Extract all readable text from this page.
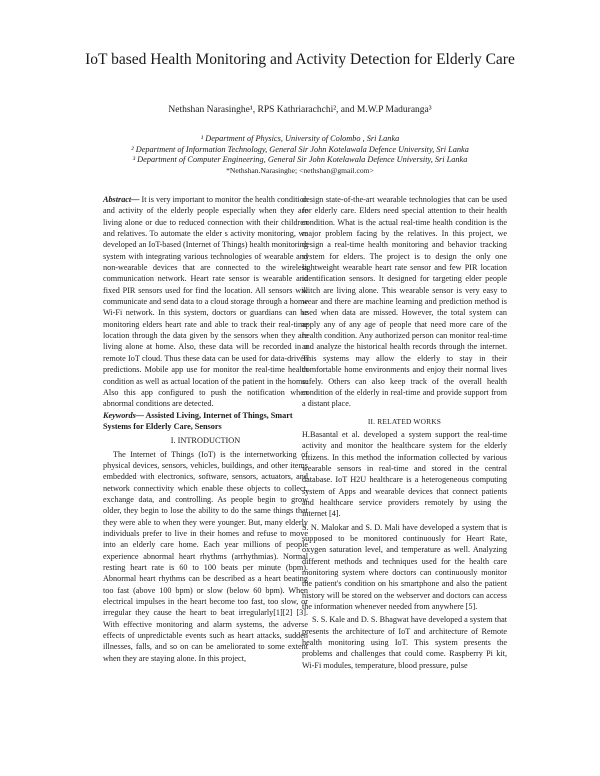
IoT based Health Monitoring and Activity Detection for Elderly Care
Nethshan Narasinghe¹, RPS Kathriarachchi², and M.W.P Maduranga³
¹ Department of Physics, University of Colombo , Sri Lanka
² Department of Information Technology, General Sir John Kotelawala Defence University, Sri Lanka
³ Department of Computer Engineering, General Sir John Kotelawala Defence University, Sri Lanka
*Nethshan.Narasinghe; <nethshan@gmail.com>

Abstract— It is very important to monitor the health condition and activity of the elderly people especially when they are living alone or due to reduced connection with their children and relatives. To automate the elder s activity monitoring, we developed an IoT-based (Internet of Things) health monitoring system with integrating various technologies of wearable and non-wearable devices that are connected to the wireless communication network. Heart rate sensor is wearable and fixed PIR sensors used for find the location. All sensors will communicate and send data to a cloud storage through a home Wi-Fi network. In this system, doctors or guardians can be monitoring elders heart rate and able to track their real-time location through the data given by the sensors when they are living alone at home. Also, these data will be recorded in a remote IoT cloud. Thus these data can be used for data-driven predictions. Mobile app use for monitor the real-time health condition as well as actual location of the patient in the home. Also this app configured to push the notification when abnormal conditions are detected.

Keywords— Assisted Living, Internet of Things, Smart Systems for Elderly Care, Sensors

I. INTRODUCTION

The Internet of Things (IoT) is the internetworking of physical devices, sensors, vehicles, buildings, and other items embedded with electronics, software, sensors, actuators, and network connectivity which enable these objects to collect, exchange data, and controlling. As people begin to grow older, they begin to lose the ability to do the same things that they were able to when they were younger. But, many elderly individuals prefer to live in their homes and refuse to move into an elderly care home. Each year millions of people experience abnormal heart rhythms (arrhythmias). Normal resting heart rate is 60 to 100 beats per minute (bpm). Abnormal heart rhythms can be described as a heart beating too fast (above 100 bpm) or slow (below 60 bpm). When electrical impulses in the heart become too fast, too slow, or irregular they cause the heart to beat irregularly[1][2] [3]. With effective monitoring and alarm systems, the adverse effects of unpredictable events such as heart attacks, sudden illnesses, falls, and so on can be ameliorated to some extent when they are staying alone. In this project,

design state-of-the-art wearable technologies that can be used for elderly care. Elders need special attention to their health condition. What is the actual real-time health condition is the major problem facing by the relatives. In this project, we design a real-time health monitoring and behavior tracking system for elders. The project is to design the only one lightweight wearable heart rate sensor and few PIR location identification sensors. It designed for targeting elder people witch are living alone. This wearable sensor is very easy to wear and there are machine learning and prediction method is used when data are missed. However, the total system can apply any of any age of people that need more care of the health condition. Any authorized person can monitor real-time and analyze the historical health records through the internet. This systems may allow the elderly to stay in their comfortable home environments and enjoy their normal lives safely. Others can also keep track of the overall health condition of the elderly in real-time and provide support from a distant place.

II. RELATED WORKS

H.Basantal et al. developed a system support the real-time activity and monitor the healthcare system for the elderly citizens. In this method the information collected by various wearable sensors in real-time and stored in the central database. IoT H2U healthcare is a heterogeneous computing system of Apps and wearable devices that connect patients and healthcare service providers remotely by using the internet [4].

S. N. Malokar and S. D. Mali have developed a system that is supposed to be monitored continuously for Heart Rate, oxygen saturation level, and temperature as well. Analyzing different methods and techniques used for the health care monitoring system where doctors can continuously monitor the patient's condition on his smartphone and also the patient history will be stored on the webserver and doctors can access the information whenever needed from anywhere [5].

S. S. Kale and D. S. Bhagwat have developed a system that presents the architecture of IoT and architecture of Remote health monitoring using IoT. This system presents the problems and challenges that could come. Raspberry Pi kit, Wi-Fi modules, temperature, blood pressure, pulse
